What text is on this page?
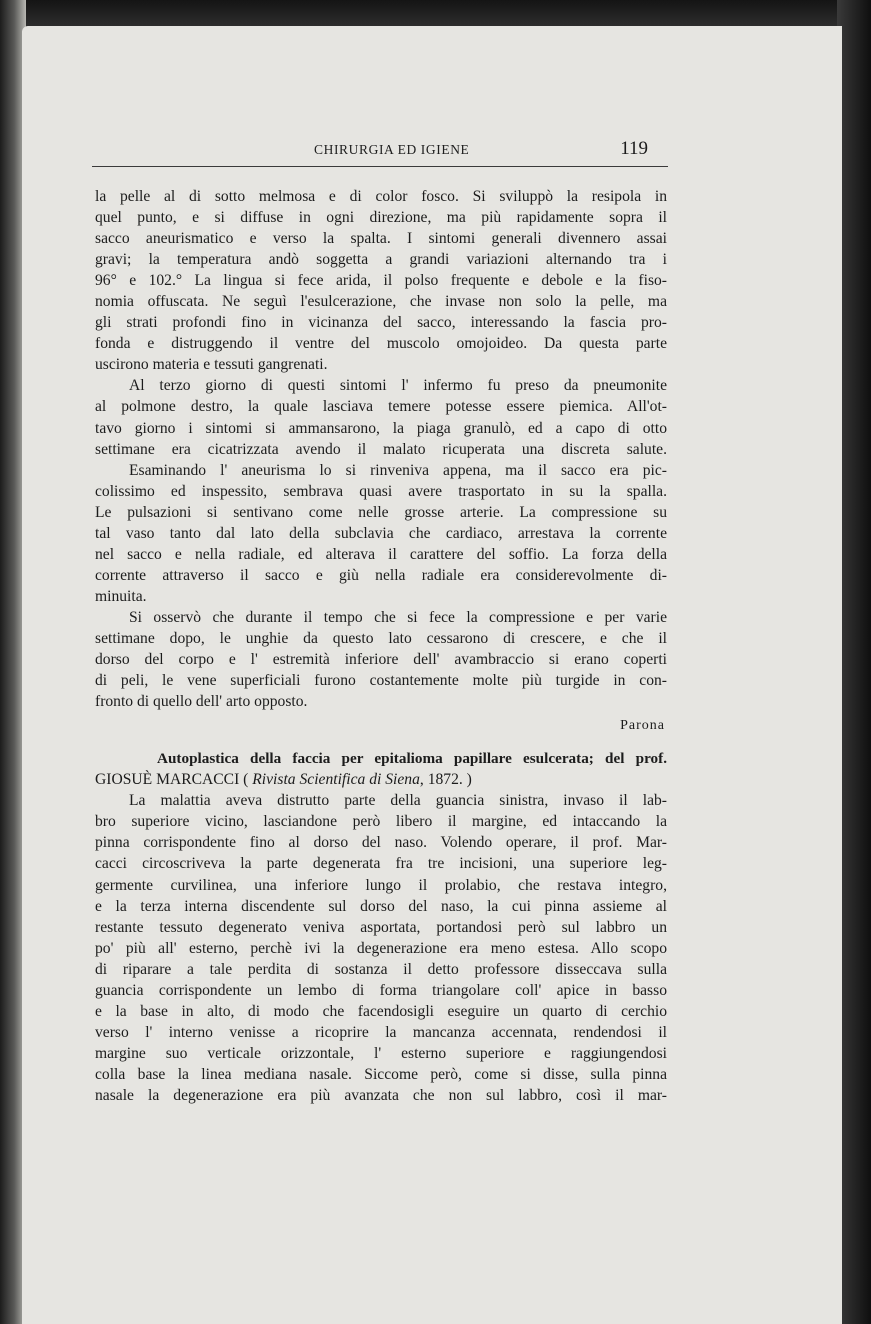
CHIRURGIA ED IGIENE	119
la pelle al di sotto melmosa e di color fosco. Si sviluppò la resipola in
quel punto, e si diffuse in ogni direzione, ma più rapidamente sopra il
sacco aneurismatico e verso la spalta. I sintomi generali divennero assai
gravi; la temperatura andò soggetta a grandi variazioni alternando tra i
96° e 102.° La lingua si fece arida, il polso frequente e debole e la fiso-
nomia offuscata. Ne seguì l'esulcerazione, che invase non solo la pelle, ma
gli strati profondi fino in vicinanza del sacco, interessando la fascia pro-
fonda e distruggendo il ventre del muscolo omojoideo. Da questa parte
uscirono materia e tessuti gangrenati.
Al terzo giorno di questi sintomi l' infermo fu preso da pneumonite
al polmone destro, la quale lasciava temere potesse essere piemica. All'ot-
tavo giorno i sintomi si ammansarono, la piaga granulò, ed a capo di otto
settimane era cicatrizzata avendo il malato ricuperata una discreta salute.
Esaminando l' aneurisma lo si rinveniva appena, ma il sacco era pic-
colissimo ed inspessito, sembrava quasi avere trasportato in su la spalla.
Le pulsazioni si sentivano come nelle grosse arterie. La compressione su
tal vaso tanto dal lato della subclavia che cardiaco, arrestava la corrente
nel sacco e nella radiale, ed alterava il carattere del soffio. La forza della
corrente attraverso il sacco e giù nella radiale era considerevolmente di-
minuita.
Si osservò che durante il tempo che si fece la compressione e per varie
settimane dopo, le unghie da questo lato cessarono di crescere, e che il
dorso del corpo e l' estremità inferiore dell' avambraccio si erano coperti
di peli, le vene superficiali furono costantemente molte più turgide in con-
fronto di quello dell' arto opposto.
Parona
Autoplastica della faccia per epitalioma papillare esulcerata; del prof.
GIOSUÈ MARCACCI ( Rivista Scientifica di Siena, 1872. )
La malattia aveva distrutto parte della guancia sinistra, invaso il lab-
bro superiore vicino, lasciandone però libero il margine, ed intaccando la
pinna corrispondente fino al dorso del naso. Volendo operare, il prof. Mar-
cacci circoscriveva la parte degenerata fra tre incisioni, una superiore leg-
germente curvilinea, una inferiore lungo il prolabio, che restava integro,
e la terza interna discendente sul dorso del naso, la cui pinna assieme al
restante tessuto degenerato veniva asportata, portandosi però sul labbro un
po' più all' esterno, perchè ivi la degenerazione era meno estesa. Allo scopo
di riparare a tale perdita di sostanza il detto professore disseccava sulla
guancia corrispondente un lembo di forma triangolare coll' apice in basso
e la base in alto, di modo che facendosigli eseguire un quarto di cerchio
verso l' interno venisse a ricoprire la mancanza accennata, rendendosi il
margine suo verticale orizzontale, l' esterno superiore e raggiungendosi
colla base la linea mediana nasale. Siccome però, come si disse, sulla pinna
nasale la degenerazione era più avanzata che non sul labbro, così il mar-
